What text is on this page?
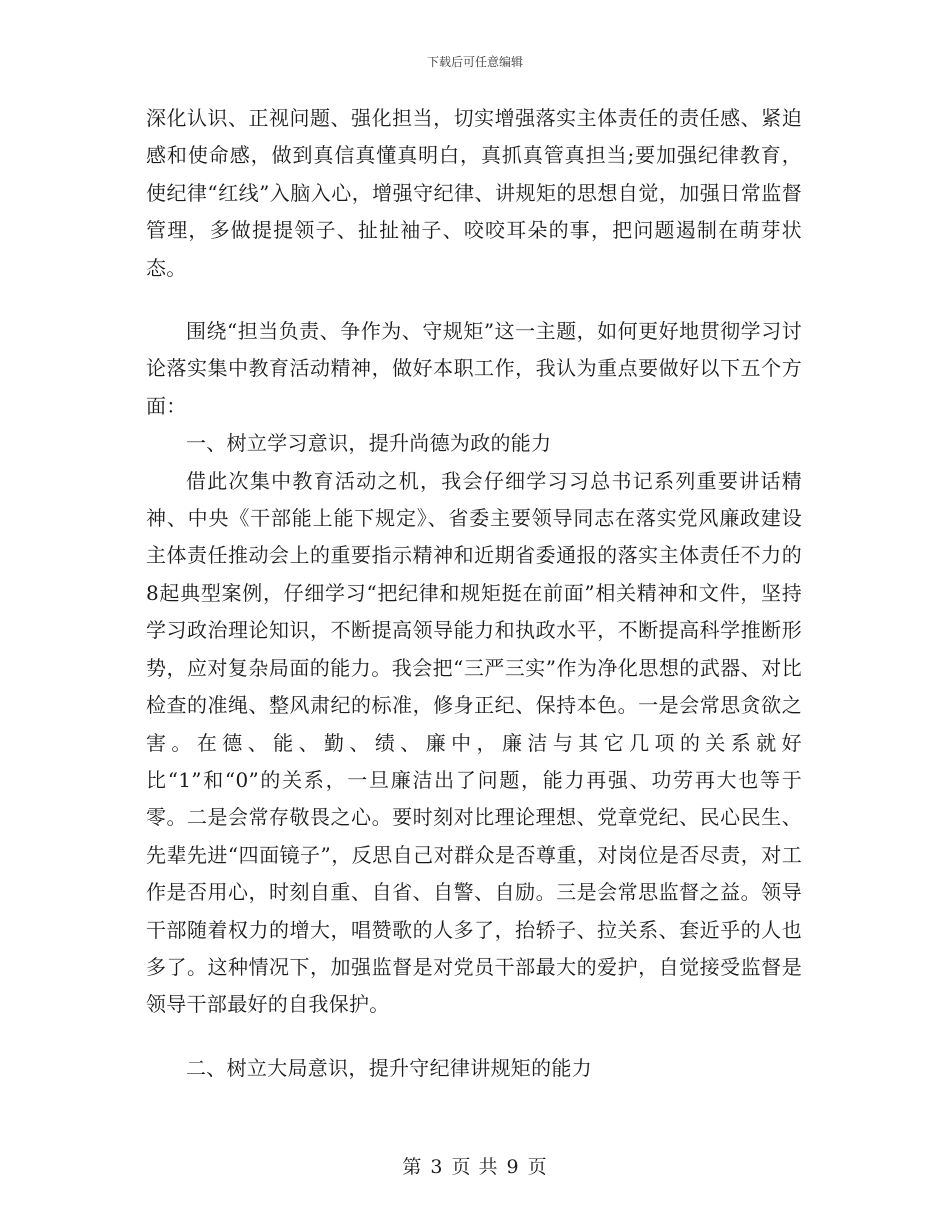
下载后可任意编辑

深化认识、正视问题、强化担当，切实增强落实主体责任的责任感、紧迫感和使命感，做到真信真懂真明白，真抓真管真担当;要加强纪律教育，使纪律“红线”入脑入心，增强守纪律、讲规矩的思想自觉，加强日常监督管理，多做提提领子、扯扯袖子、咬咬耳朵的事，把问题遏制在萌芽状态。

围绕“担当负责、争作为、守规矩”这一主题，如何更好地贯彻学习讨论落实集中教育活动精神，做好本职工作，我认为重点要做好以下五个方面：

一、树立学习意识，提升尚德为政的能力

借此次集中教育活动之机，我会仔细学习习总书记系列重要讲话精神、中央《干部能上能下规定》、省委主要领导同志在落实党风廉政建设主体责任推动会上的重要指示精神和近期省委通报的落实主体责任不力的8起典型案例，仔细学习“把纪律和规矩挺在前面”相关精神和文件，坚持学习政治理论知识，不断提高领导能力和执政水平，不断提高科学推断形势，应对复杂局面的能力。我会把“三严三实”作为净化思想的武器、对比检查的准绳、整风肃纪的标准，修身正纪、保持本色。一是会常思贪欲之害。在德、能、勤、绩、廉中，廉洁与其它几项的关系就好比“1”和“0”的关系，一旦廉洁出了问题，能力再强、功劳再大也等于零。二是会常存敬畏之心。要时刻对比理论理想、党章党纪、民心民生、先辈先进“四面镜子”，反思自己对群众是否尊重，对岗位是否尽责，对工作是否用心，时刻自重、自省、自警、自励。三是会常思监督之益。领导干部随着权力的增大，唱赞歌的人多了，抬轿子、拉关系、套近乎的人也多了。这种情况下，加强监督是对党员干部最大的爱护，自觉接受监督是领导干部最好的自我保护。

二、树立大局意识，提升守纪律讲规矩的能力

第 3 页 共 9 页
